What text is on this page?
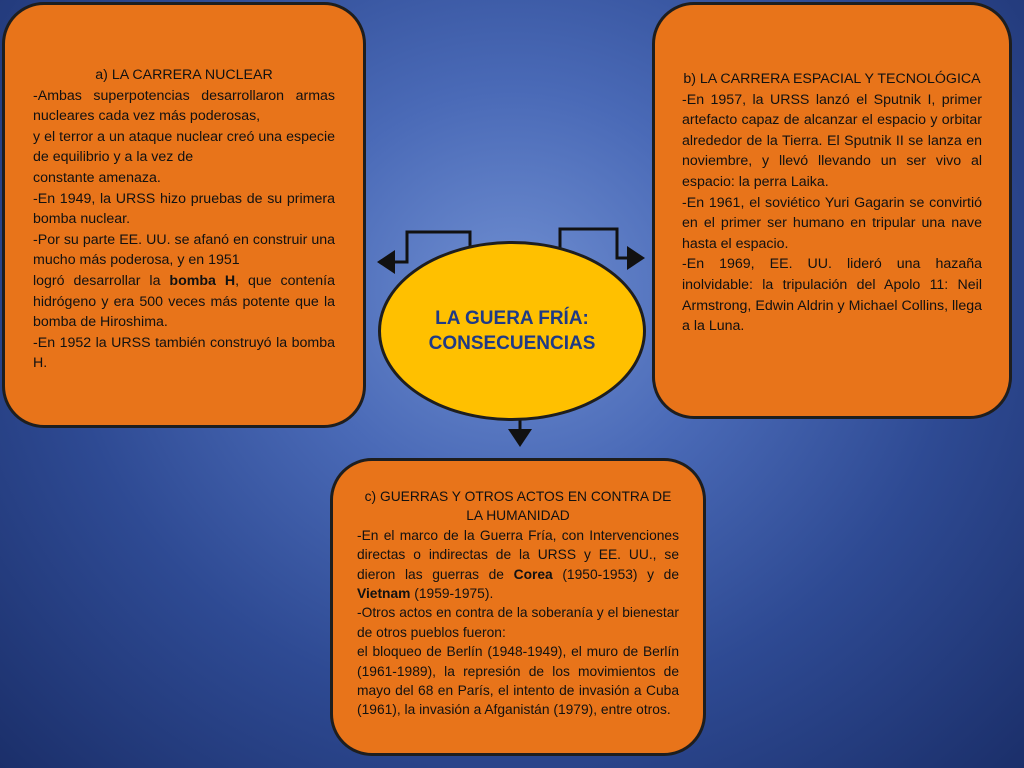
a) LA CARRERA NUCLEAR

-Ambas superpotencias desarrollaron armas nucleares cada vez más poderosas,

y el terror a un ataque nuclear creó una especie de equilibrio y a la vez de

constante amenaza.

-En 1949, la URSS hizo pruebas de su primera bomba nuclear.

-Por su parte EE. UU. se afanó en construir una mucho más poderosa, y en 1951

logró desarrollar la bomba H, que contenía hidrógeno y era 500 veces más potente que la bomba de Hiroshima.

-En 1952 la URSS también construyó la bomba H.

b) LA CARRERA ESPACIAL Y TECNOLÓGICA

-En 1957, la URSS lanzó el Sputnik I, primer artefacto capaz de alcanzar el espacio y orbitar alrededor de la Tierra. El Sputnik II se lanza en noviembre, y llevó llevando un ser vivo al espacio: la perra Laika.

-En 1961, el soviético Yuri Gagarin se convirtió en el primer ser humano en tripular una nave hasta el espacio.

-En 1969, EE. UU. lideró una hazaña inolvidable: la tripulación del Apolo 11: Neil Armstrong, Edwin Aldrin y Michael Collins, llega a la Luna.

LA GUERA FRÍA:
CONSECUENCIAS
c) GUERRAS Y OTROS ACTOS EN CONTRA DE LA HUMANIDAD

-En el marco de la Guerra Fría, con Intervenciones directas o indirectas de la URSS y EE. UU., se dieron las guerras de Corea (1950-1953) y de Vietnam (1959-1975).

-Otros actos en contra de la soberanía y el bienestar de otros pueblos fueron:

el bloqueo de Berlín (1948-1949), el muro de Berlín (1961-1989), la represión de los movimientos de mayo del 68 en París, el intento de invasión a Cuba (1961), la invasión a Afganistán (1979), entre otros.
